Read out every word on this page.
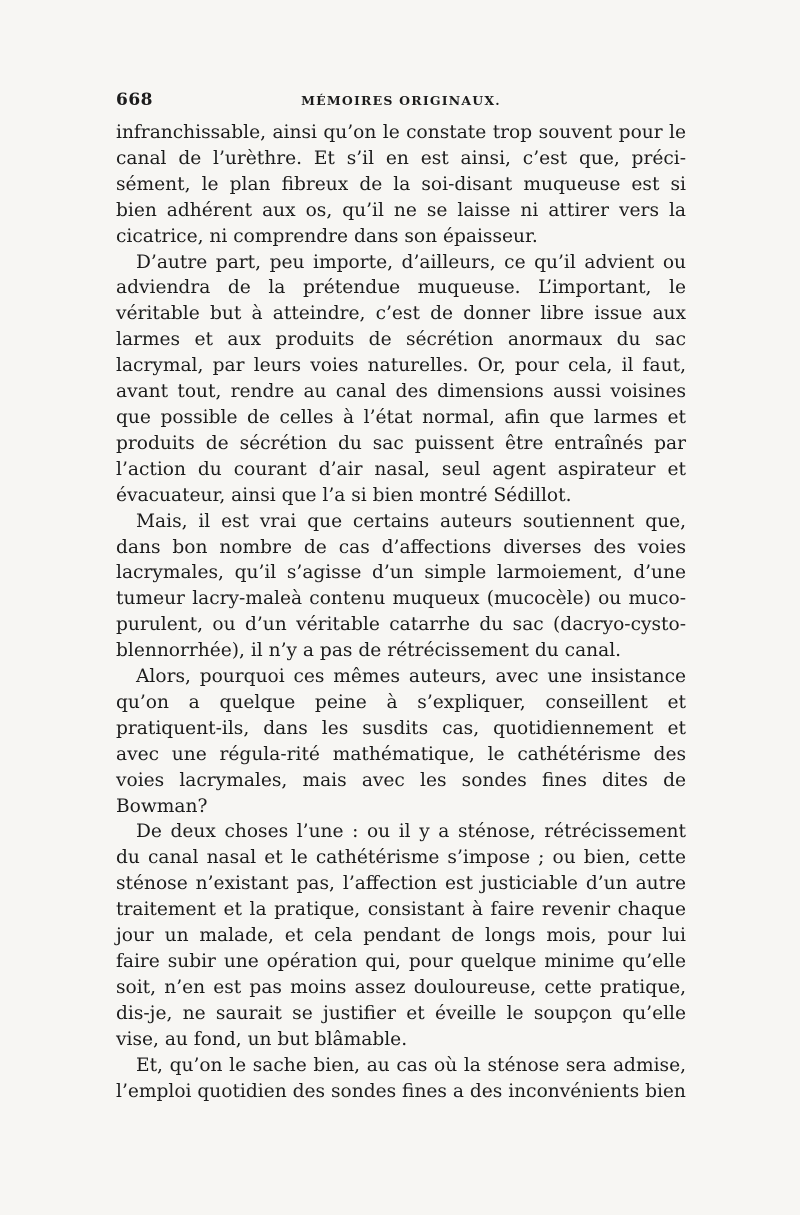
668	MÉMOIRES ORIGINAUX.

infranchissable, ainsi qu’on le constate trop souvent pour le canal de l’urèthre. Et s’il en est ainsi, c’est que, préci-sément, le plan fibreux de la soi-disant muqueuse est si bien adhérent aux os, qu’il ne se laisse ni attirer vers la cicatrice, ni comprendre dans son épaisseur.

D’autre part, peu importe, d’ailleurs, ce qu’il advient ou adviendra de la prétendue muqueuse. L’important, le véritable but à atteindre, c’est de donner libre issue aux larmes et aux produits de sécrétion anormaux du sac lacrymal, par leurs voies naturelles. Or, pour cela, il faut, avant tout, rendre au canal des dimensions aussi voisines que possible de celles à l’état normal, afin que larmes et produits de sécrétion du sac puissent être entraînés par l’action du courant d’air nasal, seul agent aspirateur et évacuateur, ainsi que l’a si bien montré Sédillot.

Mais, il est vrai que certains auteurs soutiennent que, dans bon nombre de cas d’affections diverses des voies lacrymales, qu’il s’agisse d’un simple larmoiement, d’une tumeur lacry-maleà contenu muqueux (mucocèle) ou muco-purulent, ou d’un véritable catarrhe du sac (dacryo-cysto-blennorrhée), il n’y a pas de rétrécissement du canal.

Alors, pourquoi ces mêmes auteurs, avec une insistance qu’on a quelque peine à s’expliquer, conseillent et pratiquent-ils, dans les susdits cas, quotidiennement et avec une régula-rité mathématique, le cathétérisme des voies lacrymales, mais avec les sondes fines dites de Bowman?

De deux choses l’une : ou il y a sténose, rétrécissement du canal nasal et le cathétérisme s’impose ; ou bien, cette sténose n’existant pas, l’affection est justiciable d’un autre traitement et la pratique, consistant à faire revenir chaque jour un malade, et cela pendant de longs mois, pour lui faire subir une opération qui, pour quelque minime qu’elle soit, n’en est pas moins assez douloureuse, cette pratique, dis-je, ne saurait se justifier et éveille le soupçon qu’elle vise, au fond, un but blâmable.

Et, qu’on le sache bien, au cas où la sténose sera admise, l’emploi quotidien des sondes fines a des inconvénients bien
